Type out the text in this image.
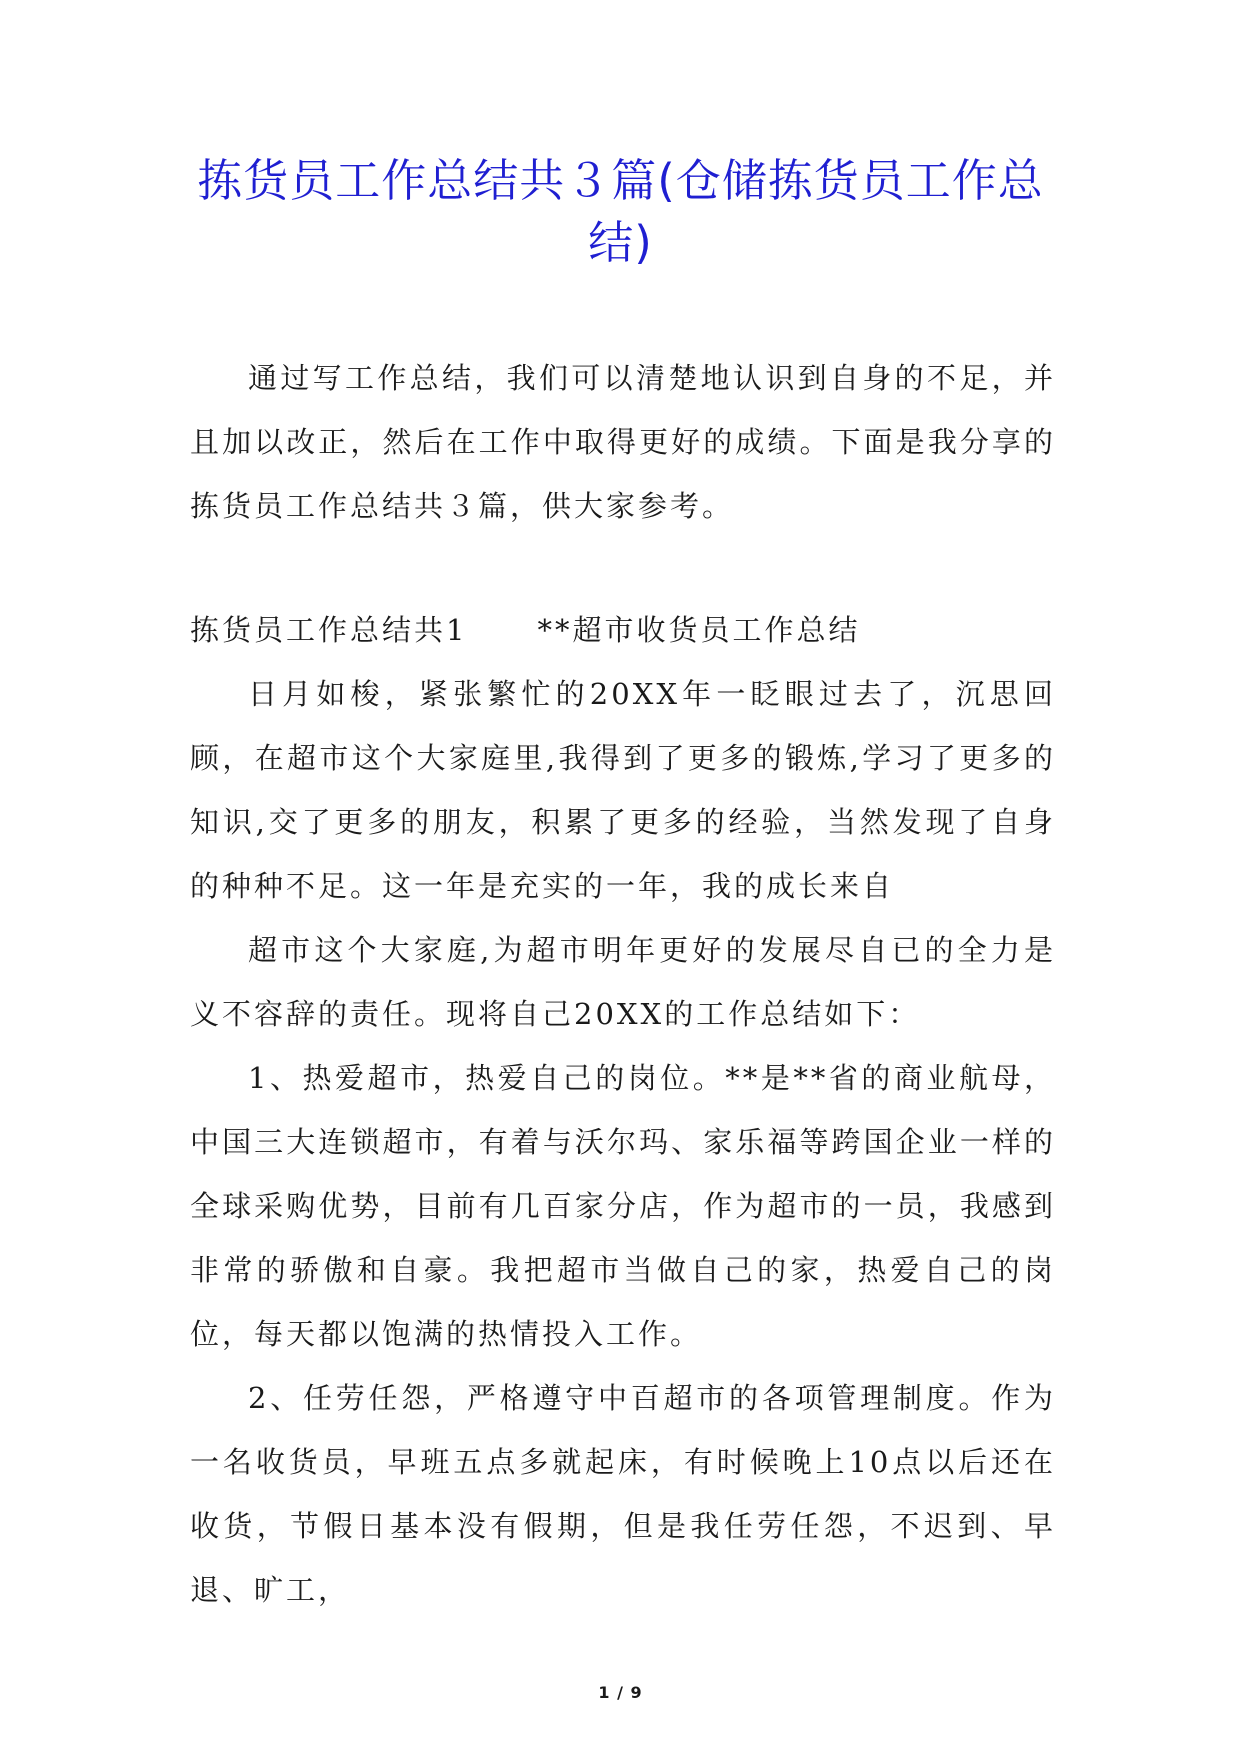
拣货员工作总结共３篇(仓储拣货员工作总
结)

通过写工作总结，我们可以清楚地认识到自身的不足，并且加以改正，然后在工作中取得更好的成绩。下面是我分享的拣货员工作总结共３篇，供大家参考。

拣货员工作总结共1 **超市收货员工作总结

日月如梭，紧张繁忙的20XX年一眨眼过去了，沉思回顾，在超市这个大家庭里,我得到了更多的锻炼,学习了更多的知识,交了更多的朋友，积累了更多的经验，当然发现了自身的种种不足。这一年是充实的一年，我的成长来自

超市这个大家庭,为超市明年更好的发展尽自已的全力是义不容辞的责任。现将自己20XX的工作总结如下：

1、热爱超市，热爱自己的岗位。**是**省的商业航母，中国三大连锁超市，有着与沃尔玛、家乐福等跨国企业一样的全球采购优势，目前有几百家分店，作为超市的一员，我感到非常的骄傲和自豪。我把超市当做自己的家，热爱自己的岗位，每天都以饱满的热情投入工作。

2、任劳任怨，严格遵守中百超市的各项管理制度。作为一名收货员，早班五点多就起床，有时候晚上10点以后还在收货，节假日基本没有假期，但是我任劳任怨，不迟到、早退、旷工，

1 / 9
